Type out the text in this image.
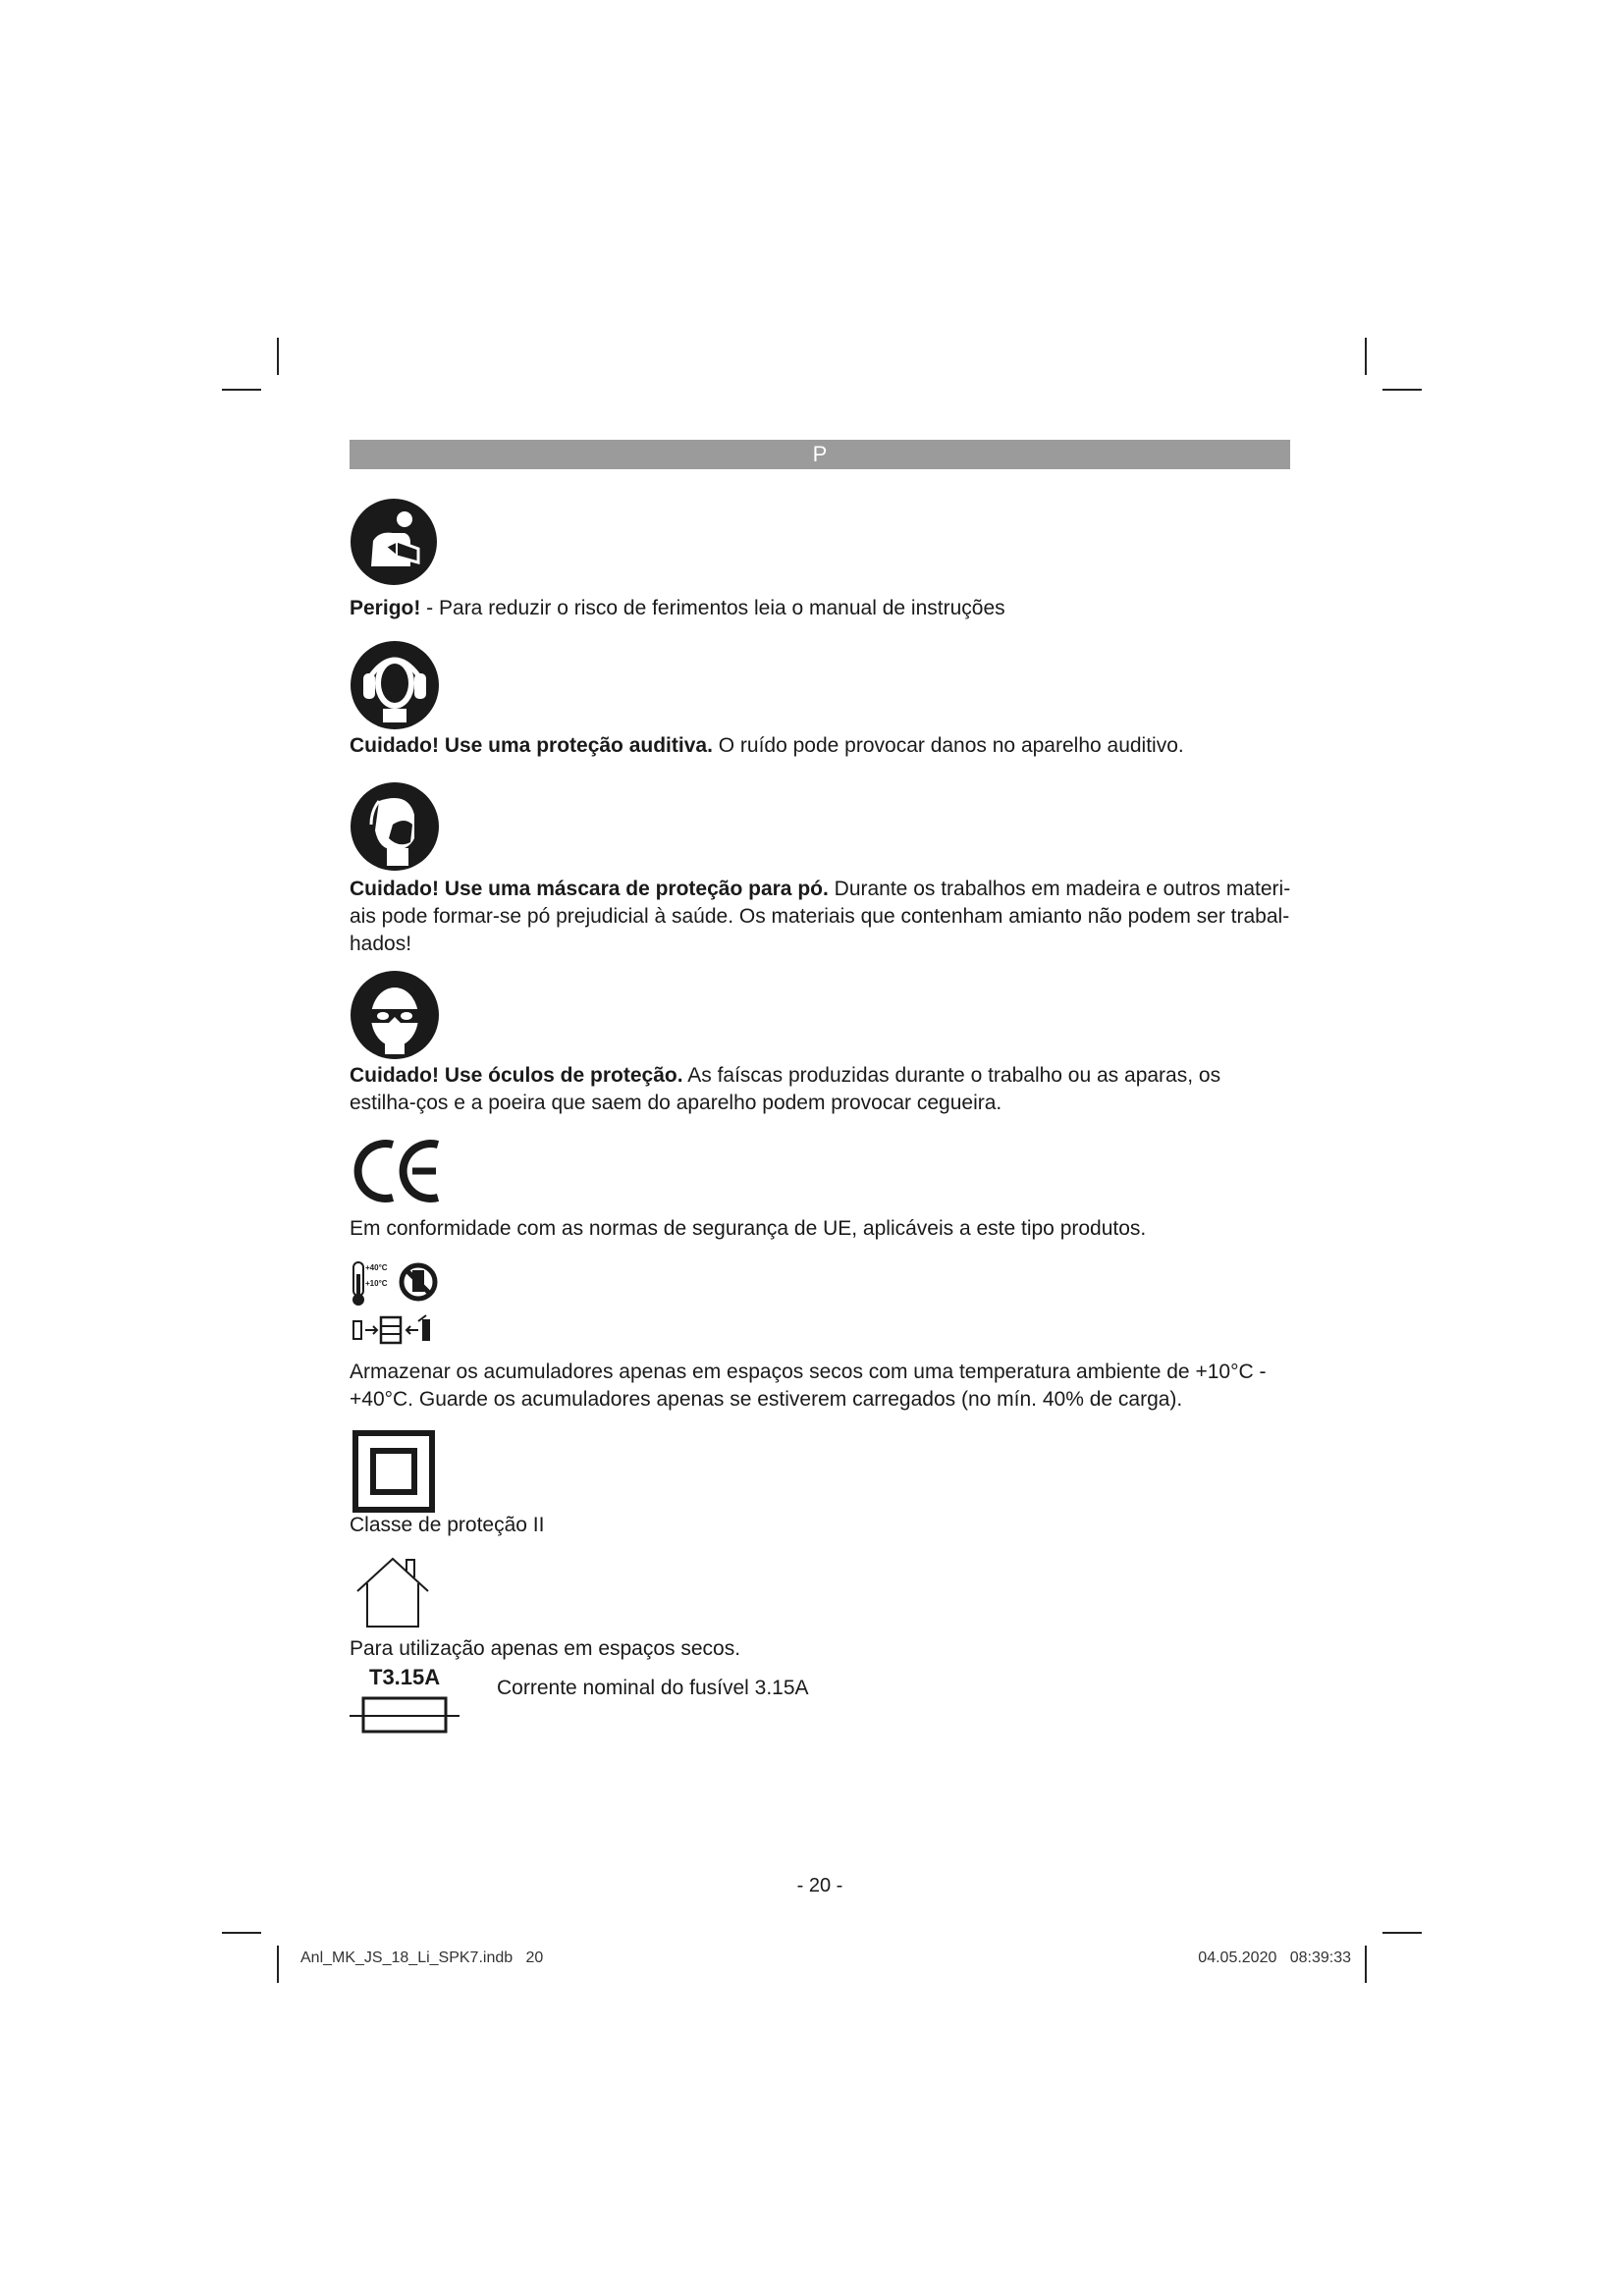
P
Perigo! - Para reduzir o risco de ferimentos leia o manual de instruções
Cuidado! Use uma proteção auditiva. O ruído pode provocar danos no aparelho auditivo.
Cuidado! Use uma máscara de proteção para pó. Durante os trabalhos em madeira e outros materi-ais pode formar-se pó prejudicial à saúde. Os materiais que contenham amianto não podem ser trabal-hados!
Cuidado! Use óculos de proteção. As faíscas produzidas durante o trabalho ou as aparas, os estilha-ços e a poeira que saem do aparelho podem provocar cegueira.
Em conformidade com as normas de segurança de UE, aplicáveis a este tipo produtos.
+40°C
+10°C
Armazenar os acumuladores apenas em espaços secos com uma temperatura ambiente de +10°C - +40°C. Guarde os acumuladores apenas se estiverem carregados (no mín. 40% de carga).
Classe de proteção II
Para utilização apenas em espaços secos.
T3.15A	Corrente nominal do fusível 3.15A
- 20 -
Anl_MK_JS_18_Li_SPK7.indb   20	04.05.2020   08:39:33
